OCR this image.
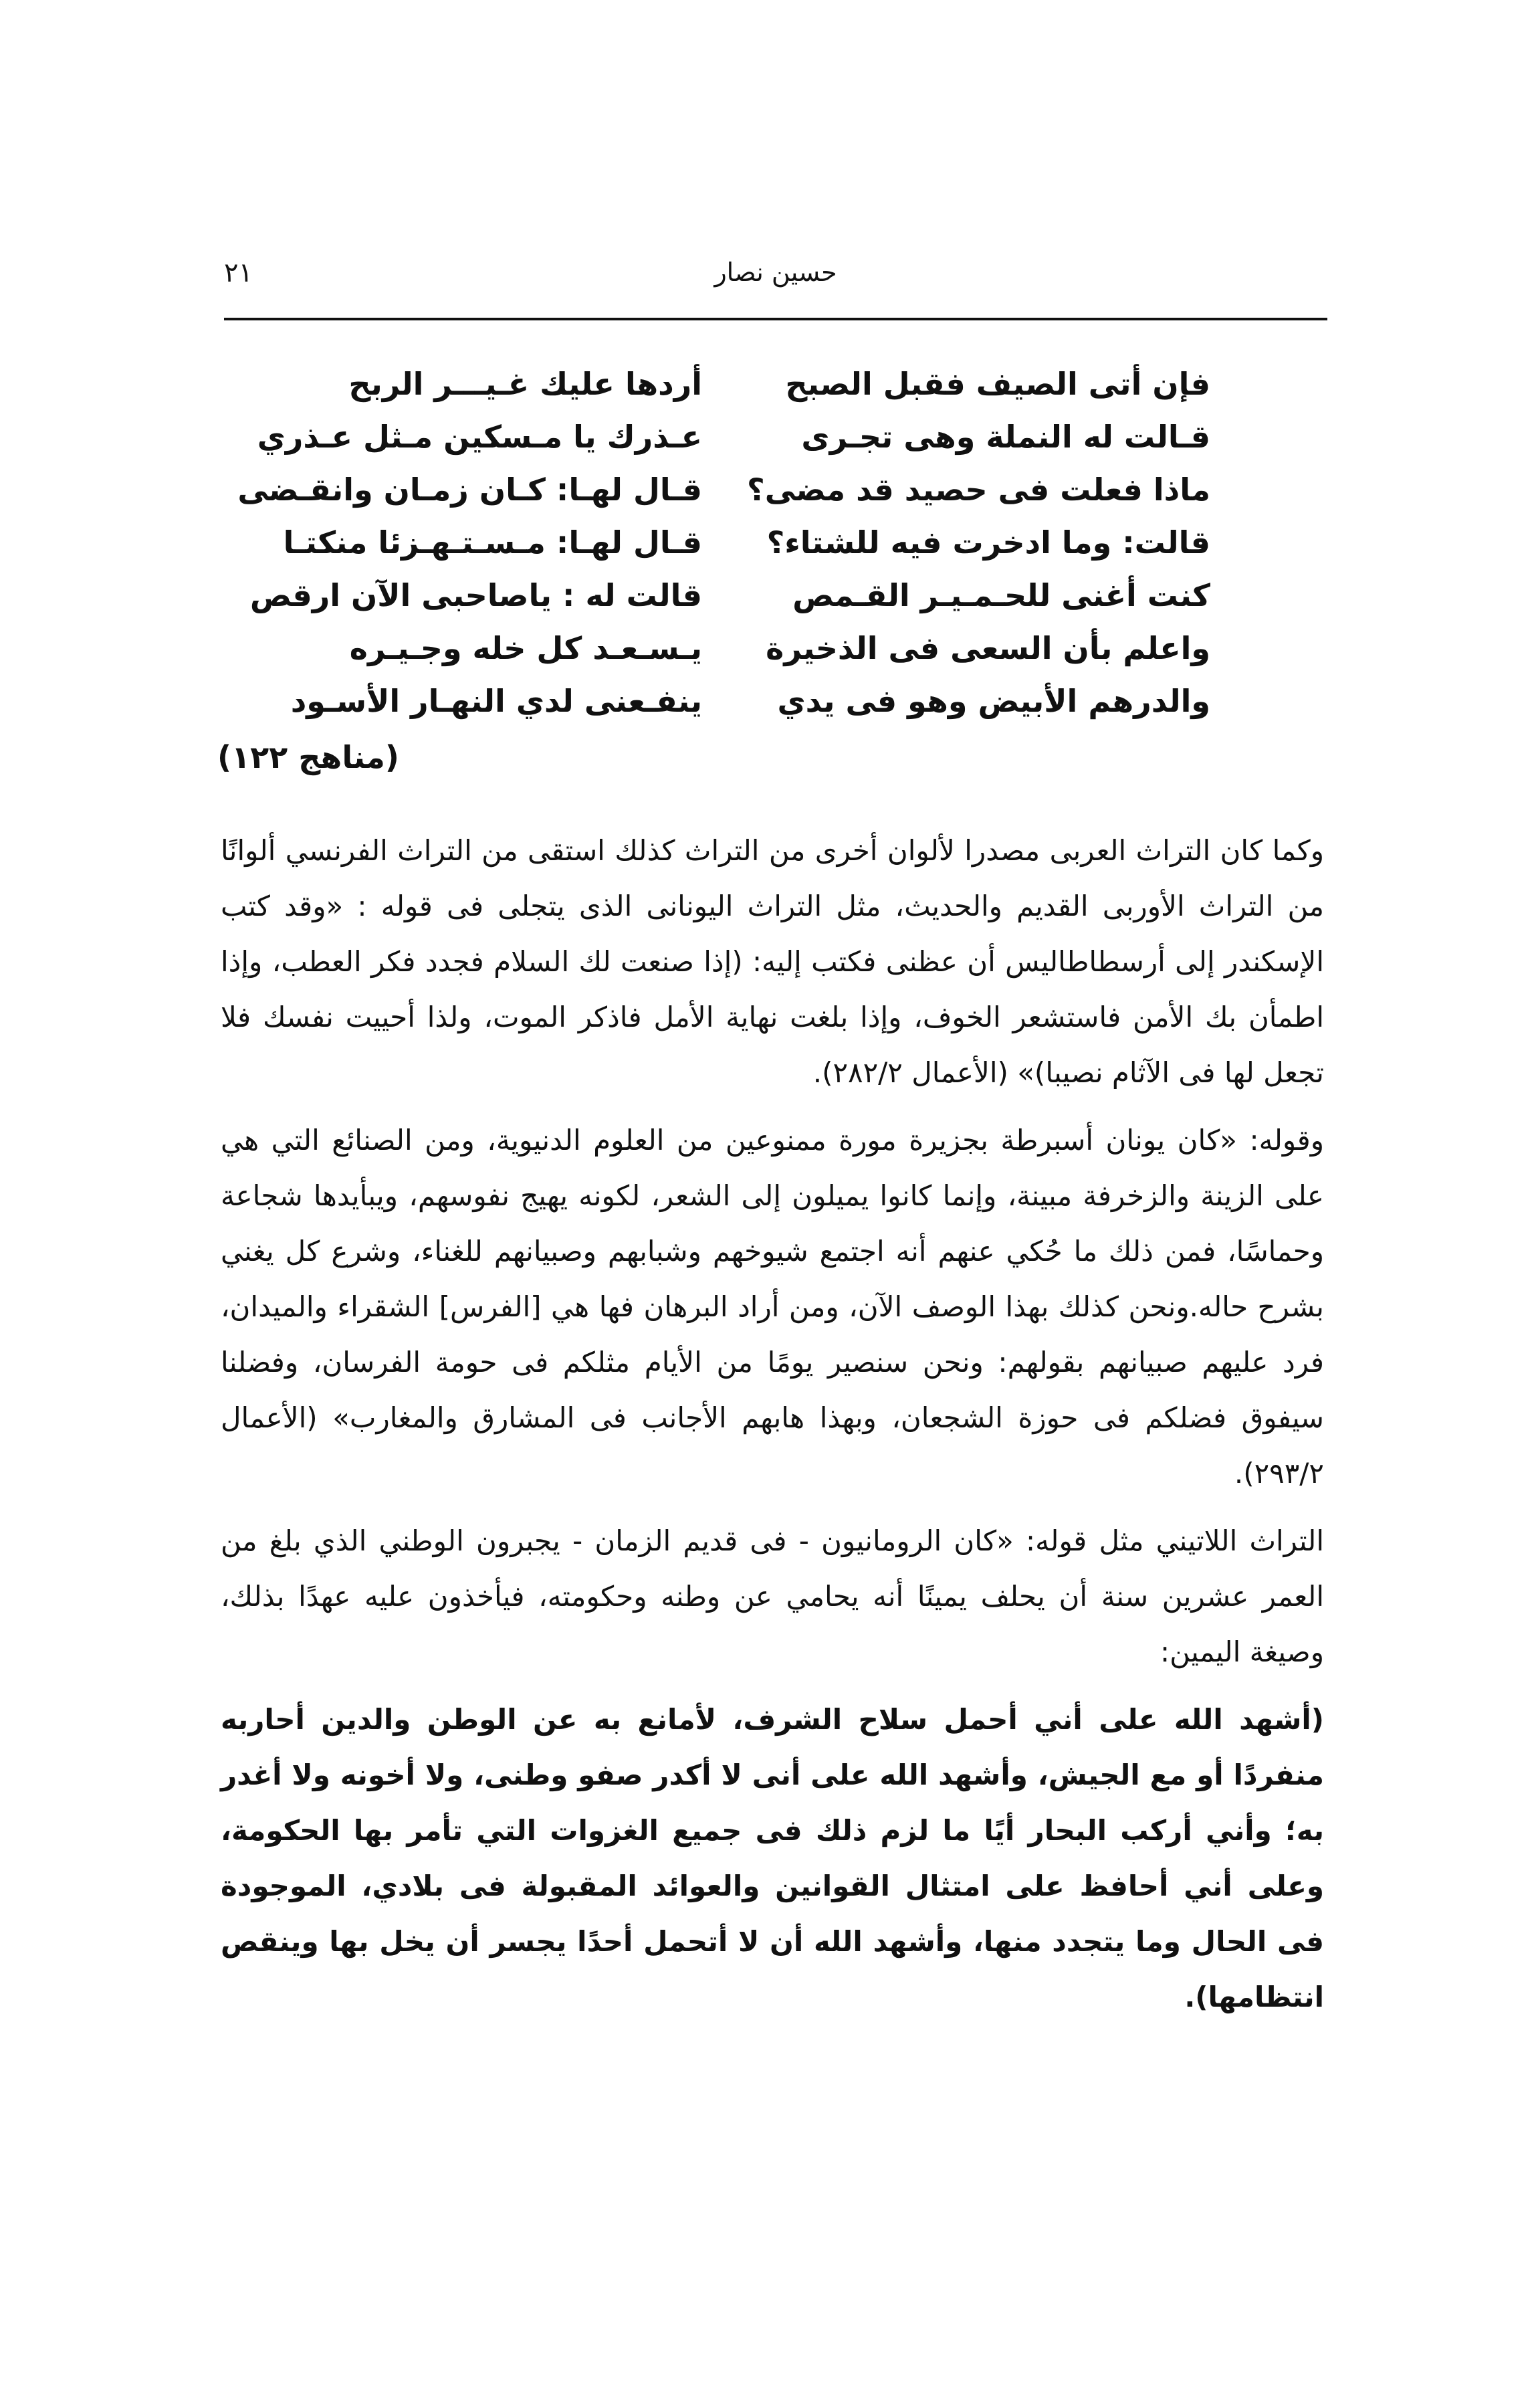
حسين نصار
٢١
فإن أتى الصيف فقبل الصبح
قـالت له النملة وهى تجـرى
ماذا فعلت فى حصيد قد مضى؟
قالت: وما ادخرت فيه للشتاء؟
كنت أغنى للحـمـيـر القـمص
واعلم بأن السعى فى الذخيرة
والدرهم الأبيض وهو فى يدي
أردها عليك غـيـــر الربح
عـذرك يا مـسكين مـثل عـذري
قـال لهـا: كـان زمـان وانقـضى
قـال لهـا: مـسـتـهـزئا منكتـا
قالت له : ياصاحبى الآن ارقص
يـسـعـد كل خله وجـيـره
ينفـعنى لدي النهـار الأسـود
(مناهج ١٢٢)

وكما كان التراث العربى مصدرا لألوان أخرى من التراث كذلك استقى من التراث الفرنسي ألوانًا من التراث الأوربى القديم والحديث، مثل التراث اليونانى الذى يتجلى فى قوله : «وقد كتب الإسكندر إلى أرسطاطاليس أن عظنى فكتب إليه: (إذا صنعت لك السلام فجدد فكر العطب، وإذا اطمأن بك الأمن فاستشعر الخوف، وإذا بلغت نهاية الأمل فاذكر الموت، ولذا أحييت نفسك فلا تجعل لها فى الآثام نصيبا)» (الأعمال ٢٨٢/٢).

وقوله: «كان يونان أسبرطة بجزيرة مورة ممنوعين من العلوم الدنيوية، ومن الصنائع التي هي على الزينة والزخرفة مبينة، وإنما كانوا يميلون إلى الشعر، لكونه يهيج نفوسهم، ويبأيدها شجاعة وحماسًا، فمن ذلك ما حُكي عنهم أنه اجتمع شيوخهم وشبابهم وصبيانهم للغناء، وشرع كل يغني بشرح حاله.ونحن كذلك بهذا الوصف الآن، ومن أراد البرهان فها هي [الفرس] الشقراء والميدان، فرد عليهم صبيانهم بقولهم: ونحن سنصير يومًا من الأيام مثلكم فى حومة الفرسان، وفضلنا سيفوق فضلكم فى حوزة الشجعان، وبهذا هابهم الأجانب فى المشارق والمغارب» (الأعمال ٢٩٣/٢).

التراث اللاتيني مثل قوله: «كان الرومانيون - فى قديم الزمان - يجبرون الوطني الذي بلغ من العمر عشرين سنة أن يحلف يمينًا أنه يحامي عن وطنه وحكومته، فيأخذون عليه عهدًا بذلك، وصيغة اليمين:

(أشهد الله على أني أحمل سلاح الشرف، لأمانع به عن الوطن والدين أحاربه منفردًا أو مع الجيش، وأشهد الله على أنى لا أكدر صفو وطنى، ولا أخونه ولا أغدر به؛ وأني أركب البحار أيًا ما لزم ذلك فى جميع الغزوات التي تأمر بها الحكومة، وعلى أني أحافظ على امتثال القوانين والعوائد المقبولة فى بلادي، الموجودة فى الحال وما يتجدد منها، وأشهد الله أن لا أتحمل أحدًا يجسر أن يخل بها وينقص انتظامها).
